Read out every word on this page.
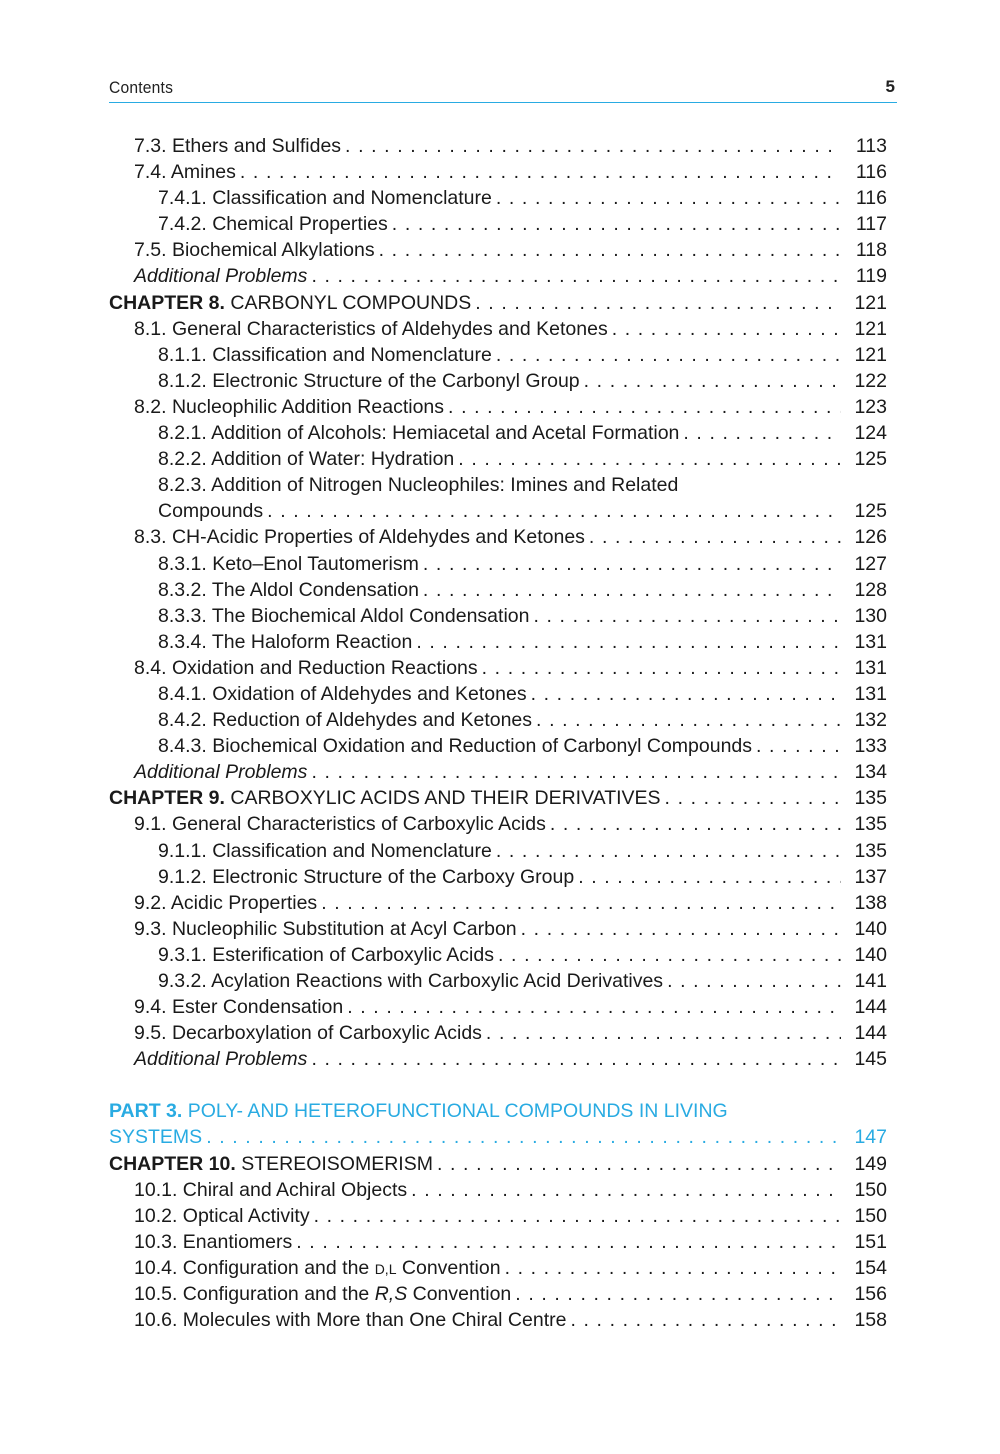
Contents	5
7.3. Ethers and Sulfides . . .	113
7.4. Amines . . .	116
7.4.1. Classification and Nomenclature . . .	116
7.4.2. Chemical Properties . . .	117
7.5. Biochemical Alkylations . . .	118
Additional Problems . . .	119
CHAPTER 8. CARBONYL COMPOUNDS . . .	121
8.1. General Characteristics of Aldehydes and Ketones . . .	121
8.1.1. Classification and Nomenclature . . .	121
8.1.2. Electronic Structure of the Carbonyl Group . . .	122
8.2. Nucleophilic Addition Reactions . . .	123
8.2.1. Addition of Alcohols: Hemiacetal and Acetal Formation . . .	124
8.2.2. Addition of Water: Hydration . . .	125
8.2.3. Addition of Nitrogen Nucleophiles: Imines and Related
Compounds . . .	125
8.3. CH-Acidic Properties of Aldehydes and Ketones . . .	126
8.3.1. Keto–Enol Tautomerism . . .	127
8.3.2. The Aldol Condensation . . .	128
8.3.3. The Biochemical Aldol Condensation . . .	130
8.3.4. The Haloform Reaction . . .	131
8.4. Oxidation and Reduction Reactions . . .	131
8.4.1. Oxidation of Aldehydes and Ketones . . .	131
8.4.2. Reduction of Aldehydes and Ketones . . .	132
8.4.3. Biochemical Oxidation and Reduction of Carbonyl Compounds . . .	133
Additional Problems . . .	134
CHAPTER 9. CARBOXYLIC ACIDS AND THEIR DERIVATIVES . . .	135
9.1. General Characteristics of Carboxylic Acids . . .	135
9.1.1. Classification and Nomenclature . . .	135
9.1.2. Electronic Structure of the Carboxy Group . . .	137
9.2. Acidic Properties . . .	138
9.3. Nucleophilic Substitution at Acyl Carbon . . .	140
9.3.1. Esterification of Carboxylic Acids . . .	140
9.3.2. Acylation Reactions with Carboxylic Acid Derivatives . . .	141
9.4. Ester Condensation . . .	144
9.5. Decarboxylation of Carboxylic Acids . . .	144
Additional Problems . . .	145
PART 3. POLY- AND HETEROFUNCTIONAL COMPOUNDS IN LIVING
SYSTEMS . . .	147
CHAPTER 10. STEREOISOMERISM . . .	149
10.1. Chiral and Achiral Objects . . .	150
10.2. Optical Activity . . .	150
10.3. Enantiomers . . .	151
10.4. Configuration and the D,L Convention . . .	154
10.5. Configuration and the R,S Convention . . .	156
10.6. Molecules with More than One Chiral Centre . . .	158
